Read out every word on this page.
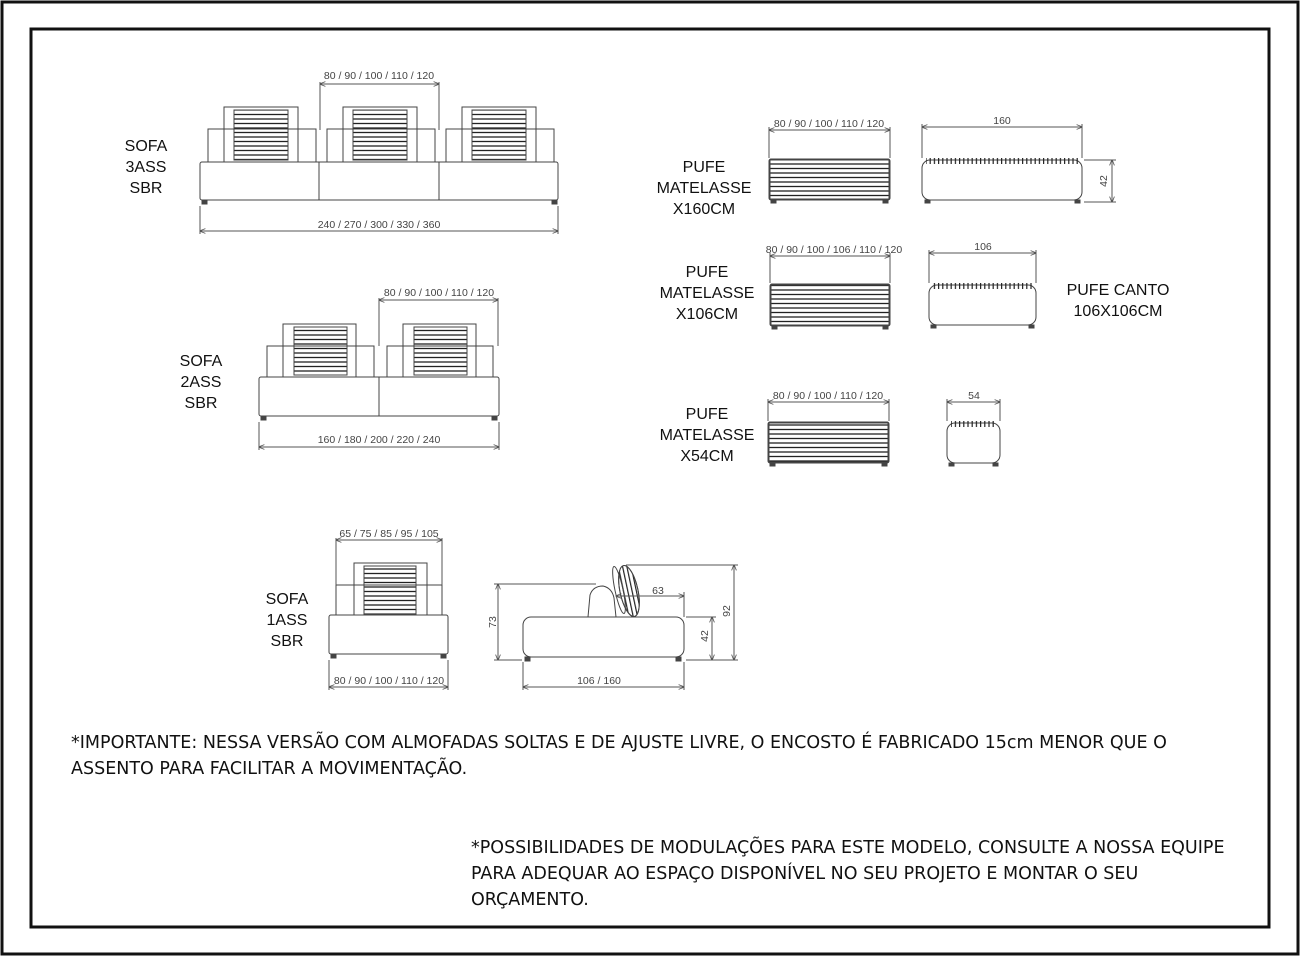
80 / 90 / 100 / 110 / 120
240 / 270 / 300 / 330 / 360
SOFA
3ASS
SBR
80 / 90 / 100 / 110 / 120
160 / 180 / 200 / 220 / 240
SOFA
2ASS
SBR
65 / 75 / 85 / 95 / 105
80 / 90 / 100 / 110 / 120
SOFA
1ASS
SBR
106 / 160
73
92
42
63
80 / 90 / 100 / 110 / 120	160
42
PUFE
MATELASSE
X160CM
80 / 90 / 100 / 106 / 110 / 120	106
PUFE
MATELASSE
X106CM
PUFE CANTO
106X106CM
80 / 90 / 100 / 110 / 120	54
PUFE
MATELASSE
X54CM
*IMPORTANTE: NESSA VERSÃO COM ALMOFADAS SOLTAS E DE AJUSTE LIVRE, O ENCOSTO É FABRICADO 15cm MENOR QUE O ASSENTO PARA FACILITAR A MOVIMENTAÇÃO.
*POSSIBILIDADES DE MODULAÇÕES PARA ESTE MODELO, CONSULTE A NOSSA EQUIPE PARA ADEQUAR AO ESPAÇO DISPONÍVEL NO SEU PROJETO E MONTAR O SEU ORÇAMENTO.
